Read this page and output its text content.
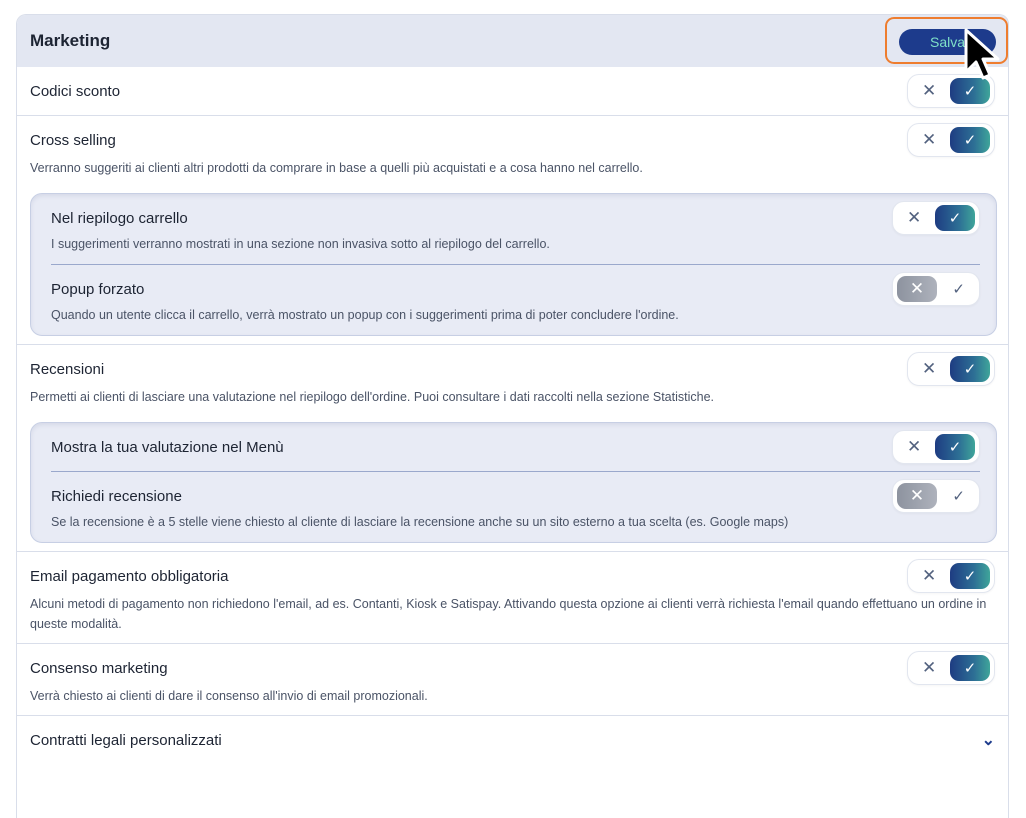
Marketing
Codici sconto	✕	✓
Cross selling	✕	✓
Verranno suggeriti ai clienti altri prodotti da comprare in base a quelli più acquistati e a cosa hanno nel carrello.
Nel riepilogo carrello	✕	✓
I suggerimenti verranno mostrati in una sezione non invasiva sotto al riepilogo del carrello.
Popup forzato	✕	✓
Quando un utente clicca il carrello, verrà mostrato un popup con i suggerimenti prima di poter concludere l'ordine.
Recensioni	✕	✓
Permetti ai clienti di lasciare una valutazione nel riepilogo dell'ordine. Puoi consultare i dati raccolti nella sezione Statistiche.
Mostra la tua valutazione nel Menù	✕	✓
Richiedi recensione	✕	✓
Se la recensione è a 5 stelle viene chiesto al cliente di lasciare la recensione anche su un sito esterno a tua scelta (es. Google maps)
Email pagamento obbligatoria	✕	✓
Alcuni metodi di pagamento non richiedono l'email, ad es. Contanti, Kiosk e Satispay. Attivando questa opzione ai clienti verrà richiesta l'email quando effettuano un ordine in queste modalità.
Consenso marketing	✕	✓
Verrà chiesto ai clienti di dare il consenso all'invio di email promozionali.
Contratti legali personalizzati	⌄
Salva
